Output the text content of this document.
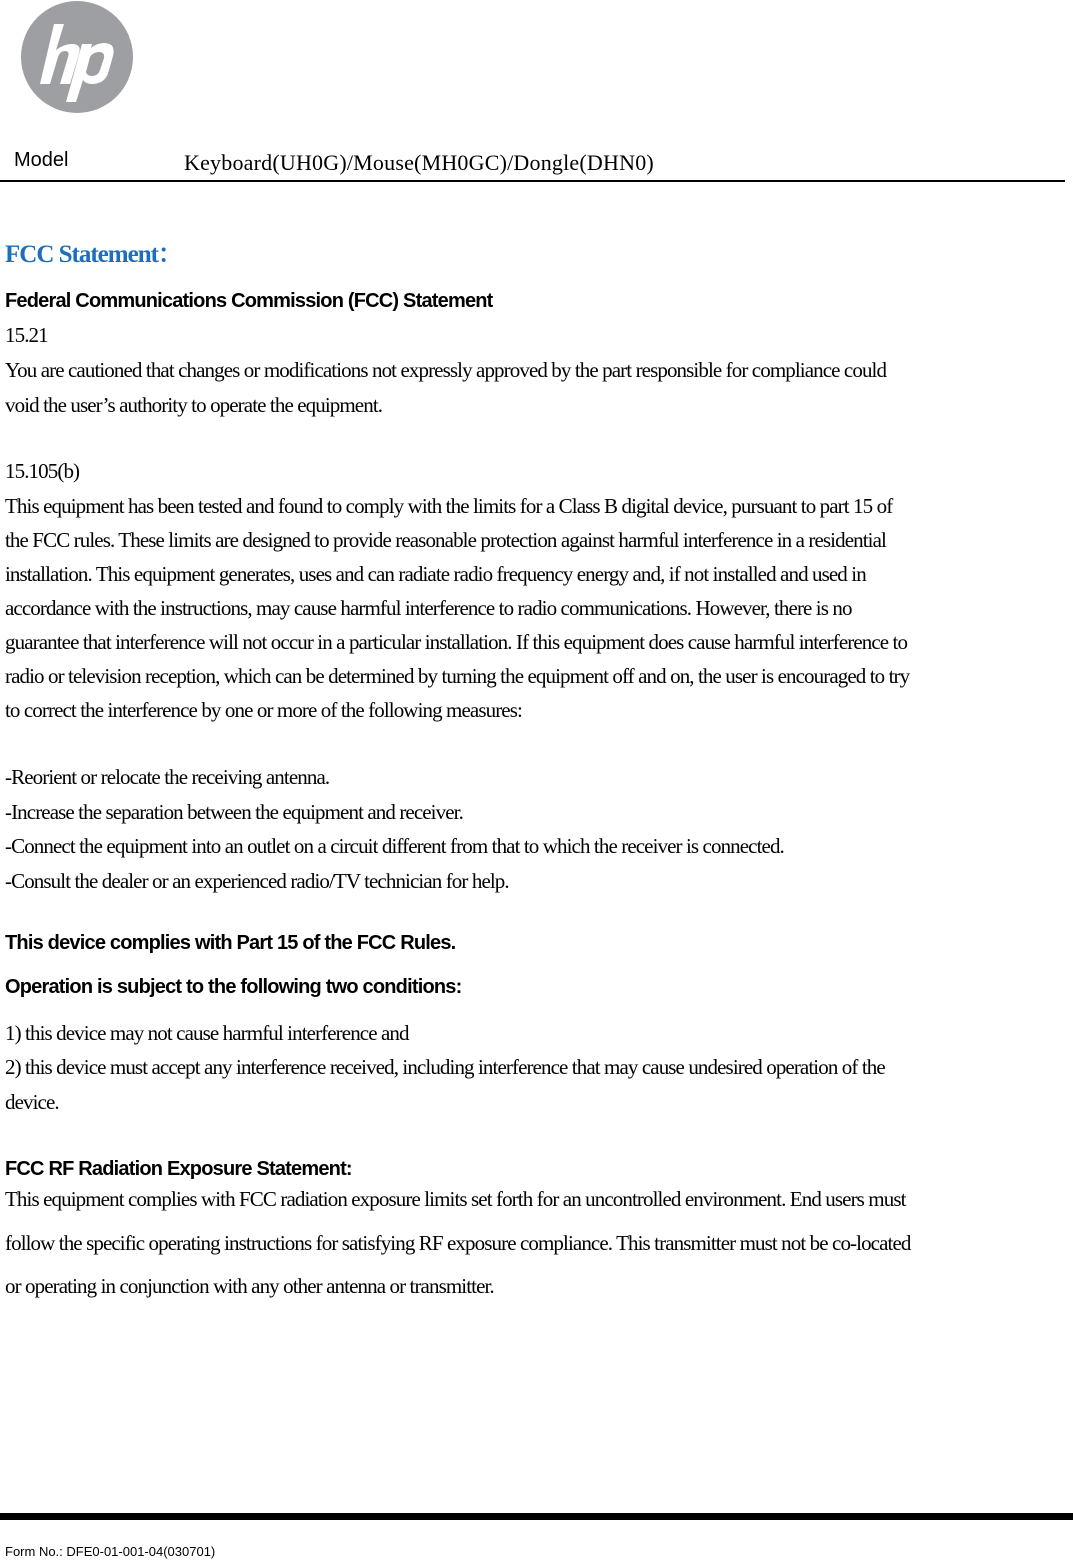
Model	Keyboard(UH0G)/Mouse(MH0GC)/Dongle(DHN0)
FCC Statement：
Federal Communications Commission (FCC) Statement
15.21
You are cautioned that changes or modifications not expressly approved by the part responsible for compliance could
void the user’s authority to operate the equipment.
15.105(b)
This equipment has been tested and found to comply with the limits for a Class B digital device, pursuant to part 15 of
the FCC rules. These limits are designed to provide reasonable protection against harmful interference in a residential
installation. This equipment generates, uses and can radiate radio frequency energy and, if not installed and used in
accordance with the instructions, may cause harmful interference to radio communications. However, there is no
guarantee that interference will not occur in a particular installation. If this equipment does cause harmful interference to
radio or television reception, which can be determined by turning the equipment off and on, the user is encouraged to try
to correct the interference by one or more of the following measures:
-Reorient or relocate the receiving antenna.
-Increase the separation between the equipment and receiver.
-Connect the equipment into an outlet on a circuit different from that to which the receiver is connected.
-Consult the dealer or an experienced radio/TV technician for help.
This device complies with Part 15 of the FCC Rules.
Operation is subject to the following two conditions:
1) this device may not cause harmful interference and
2) this device must accept any interference received, including interference that may cause undesired operation of the
device.
FCC RF Radiation Exposure Statement:
This equipment complies with FCC radiation exposure limits set forth for an uncontrolled environment. End users must
follow the specific operating instructions for satisfying RF exposure compliance. This transmitter must not be co-located
or operating in conjunction with any other antenna or transmitter.
Form No.: DFE0-01-001-04(030701)
